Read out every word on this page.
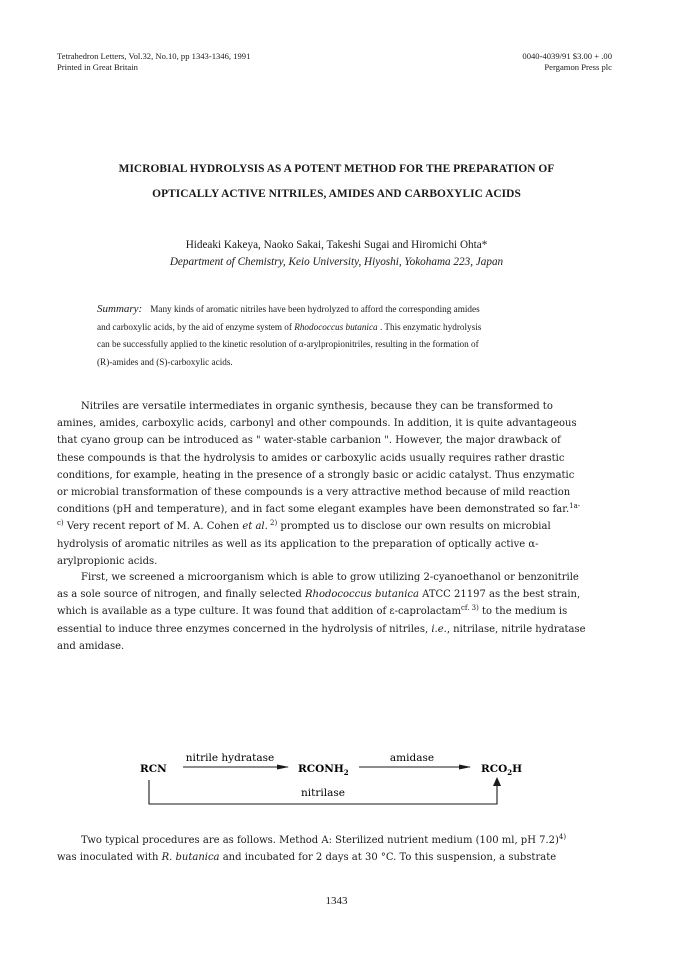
Tetrahedron Letters, Vol.32, No.10, pp 1343-1346, 1991
Printed in Great Britain
0040-4039/91 $3.00 + .00
Pergamon Press plc
MICROBIAL HYDROLYSIS AS A POTENT METHOD FOR THE PREPARATION OF
OPTICALLY ACTIVE NITRILES, AMIDES AND CARBOXYLIC ACIDS
Hideaki Kakeya, Naoko Sakai, Takeshi Sugai and Hiromichi Ohta*
Department of Chemistry, Keio University, Hiyoshi, Yokohama 223, Japan

Summary: Many kinds of aromatic nitriles have been hydrolyzed to afford the corresponding amides

and carboxylic acids, by the aid of enzyme system of Rhodococcus butanica . This enzymatic hydrolysis

can be successfully applied to the kinetic resolution of α-arylpropionitriles, resulting in the formation of

(R)-amides and (S)-carboxylic acids.

Nitriles are versatile intermediates in organic synthesis, because they can be transformed to

amines, amides, carboxylic acids, carbonyl and other compounds. In addition, it is quite advantageous

that cyano group can be introduced as " water-stable carbanion ". However, the major drawback of

these compounds is that the hydrolysis to amides or carboxylic acids usually requires rather drastic

conditions, for example, heating in the presence of a strongly basic or acidic catalyst. Thus enzymatic

or microbial transformation of these compounds is a very attractive method because of mild reaction

conditions (pH and temperature), and in fact some elegant examples have been demonstrated so far.$^{1a-}$

$^{c)}$ Very recent report of M. A. Cohen et al. $^{2)}$ prompted us to disclose our own results on microbial

hydrolysis of aromatic nitriles as well as its application to the preparation of optically active α-

arylpropionic acids.

First, we screened a microorganism which is able to grow utilizing 2-cyanoethanol or benzonitrile

as a sole source of nitrogen, and finally selected Rhodococcus butanica ATCC 21197 as the best strain,

which is available as a type culture. It was found that addition of ε-caprolactam$^{cf. 3)}$ to the medium is

essential to induce three enzymes concerned in the hydrolysis of nitriles, i.e., nitrilase, nitrile hydratase

and amidase.

RCN
nitrile hydratase
$RCONH_2$
amidase
$RCO_2H$
nitrilase

Two typical procedures are as follows. Method A: Sterilized nutrient medium (100 ml, pH 7.2)$^{4)}$

was inoculated with R. butanica and incubated for 2 days at 30 °C. To this suspension, a substrate

1343
